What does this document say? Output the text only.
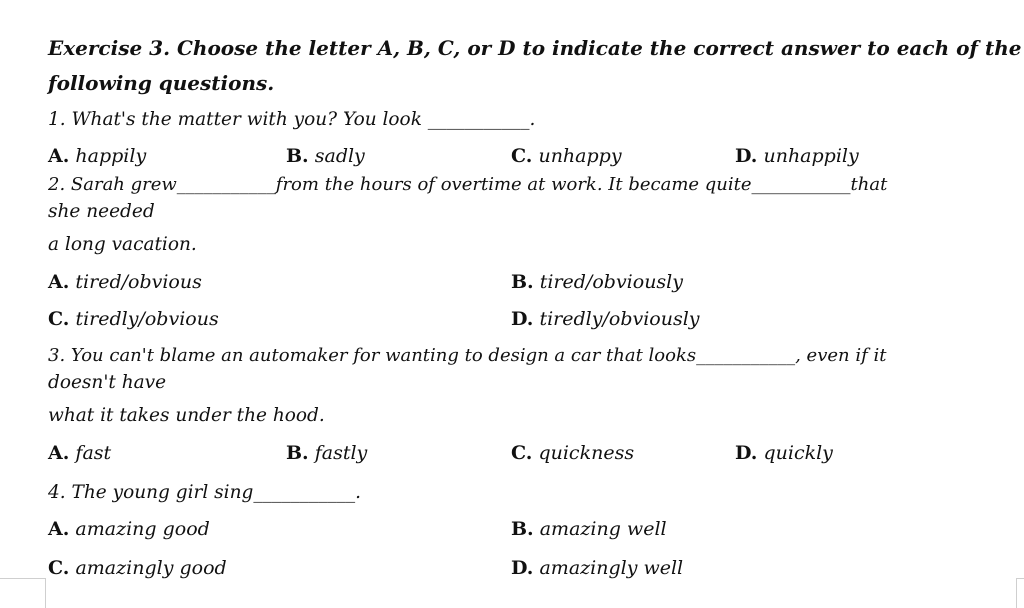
Exercise 3. Choose the letter A, B, C, or D to indicate the correct answer to each of the
following questions.
1. What's the matter with you? You look ___________.
A. happily	B. sadly	C. unhappy	D. unhappily
2. Sarah grew___________from the hours of overtime at work. It became quite___________that
she needed
a long vacation.
A. tired/obvious	B. tired/obviously
C. tiredly/obvious	D. tiredly/obviously
3. You can't blame an automaker for wanting to design a car that looks___________, even if it
doesn't have
what it takes under the hood.
A. fast	B. fastly	C. quickness	D. quickly
4. The young girl sing___________.
A. amazing good	B. amazing well
C. amazingly good	D. amazingly well
